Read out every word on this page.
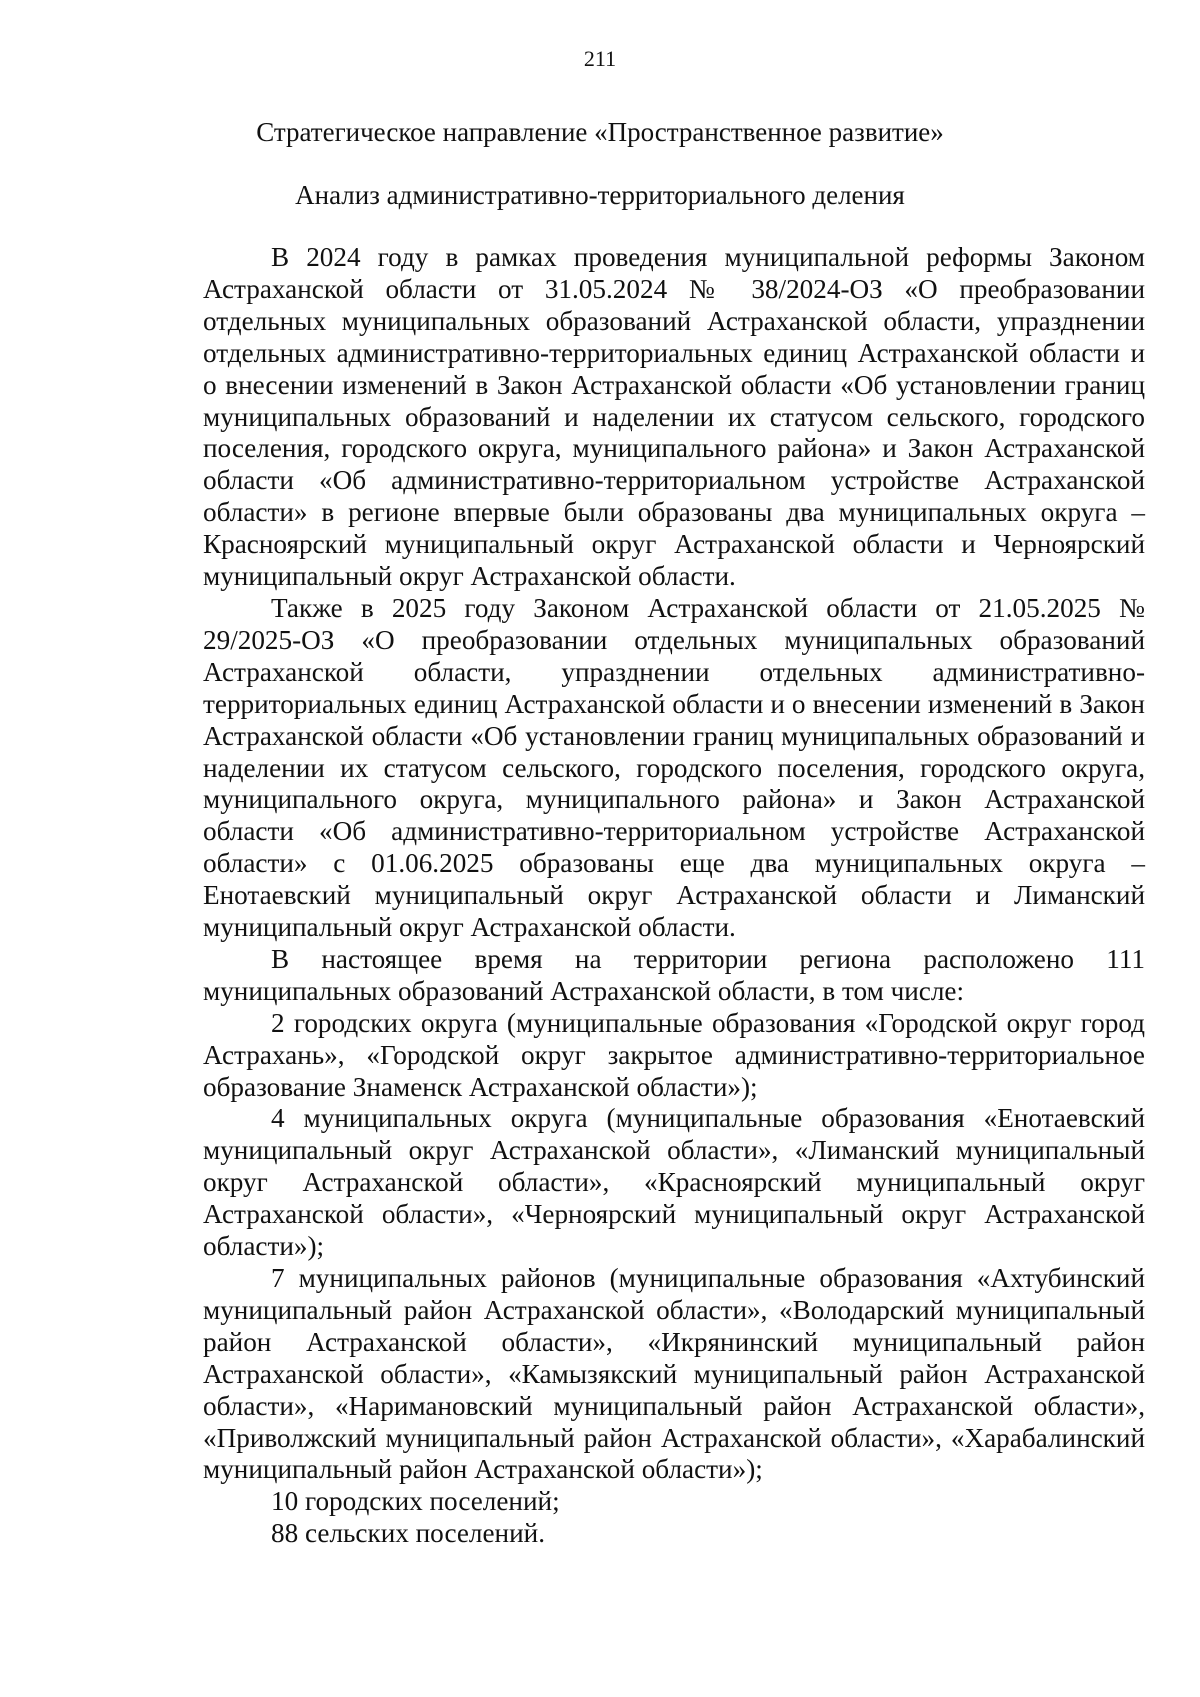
211

Стратегическое направление «Пространственное развитие»
Анализ административно-территориального деления

В 2024 году в рамках проведения муниципальной реформы Законом Астраханской области от 31.05.2024 № 38/2024-ОЗ «О преобразовании отдельных муниципальных образований Астраханской области, упразднении отдельных административно-территориальных единиц Астраханской области и о внесении изменений в Закон Астраханской области «Об установлении границ муниципальных образований и наделении их статусом сельского, городского поселения, городского округа, муниципального района» и Закон Астраханской области «Об административно-территориальном устройстве Астраханской области» в регионе впервые были образованы два муниципальных округа – Красноярский муниципальный округ Астраханской области и Черноярский муниципальный округ Астраханской области.

Также в 2025 году Законом Астраханской области от 21.05.2025 № 29/2025-ОЗ «О преобразовании отдельных муниципальных образований Астраханской области, упразднении отдельных административно-территориальных единиц Астраханской области и о внесении изменений в Закон Астраханской области «Об установлении границ муниципальных образований и наделении их статусом сельского, городского поселения, городского округа, муниципального округа, муниципального района» и Закон Астраханской области «Об административно-территориальном устройстве Астраханской области» с 01.06.2025 образованы еще два муниципальных округа – Енотаевский муниципальный округ Астраханской области и Лиманский муниципальный округ Астраханской области.

В настоящее время на территории региона расположено 111 муниципальных образований Астраханской области, в том числе:

2 городских округа (муниципальные образования «Городской округ город Астрахань», «Городской округ закрытое административно-территориальное образование Знаменск Астраханской области»);

4 муниципальных округа (муниципальные образования «Енотаевский муниципальный округ Астраханской области», «Лиманский муниципальный округ Астраханской области», «Красноярский муниципальный округ Астраханской области», «Черноярский муниципальный округ Астраханской области»);

7 муниципальных районов (муниципальные образования «Ахтубинский муниципальный район Астраханской области», «Володарский муниципальный район Астраханской области», «Икрянинский муниципальный район Астраханской области», «Камызякский муниципальный район Астраханской области», «Наримановский муниципальный район Астраханской области», «Приволжский муниципальный район Астраханской области», «Харабалинский муниципальный район Астраханской области»);

10 городских поселений;

88 сельских поселений.
